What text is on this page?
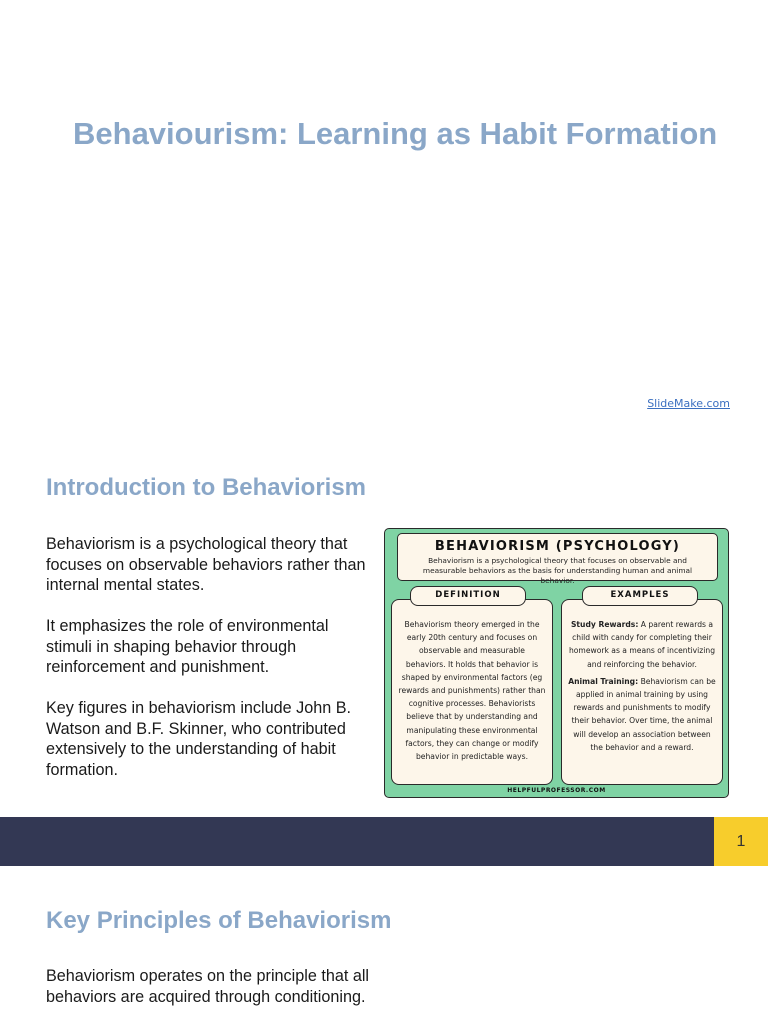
Behaviourism: Learning as Habit Formation
SlideMake.com
Introduction to Behaviorism

Behaviorism is a psychological theory that focuses on observable behaviors rather than internal mental states.

It emphasizes the role of environmental stimuli in shaping behavior through reinforcement and punishment.

Key figures in behaviorism include John B. Watson and B.F. Skinner, who contributed extensively to the understanding of habit formation.

BEHAVIORISM (PSYCHOLOGY)
Behaviorism is a psychological theory that focuses on observable and measurable behaviors as the basis for understanding human and animal behavior.
Behaviorism theory emerged in the early 20th century and focuses on observable and measurable behaviors. It holds that behavior is shaped by environmental factors (eg rewards and punishments) rather than cognitive processes. Behaviorists believe that by understanding and manipulating these environmental factors, they can change or modify behavior in predictable ways.
DEFINITION

Study Rewards: A parent rewards a child with candy for completing their homework as a means of incentivizing and reinforcing the behavior.

Animal Training: Behaviorism can be applied in animal training by using rewards and punishments to modify their behavior. Over time, the animal will develop an association between the behavior and a reward.

EXAMPLES
HELPFULPROFESSOR.COM
1
Key Principles of Behaviorism

Behaviorism operates on the principle that all behaviors are acquired through conditioning.
